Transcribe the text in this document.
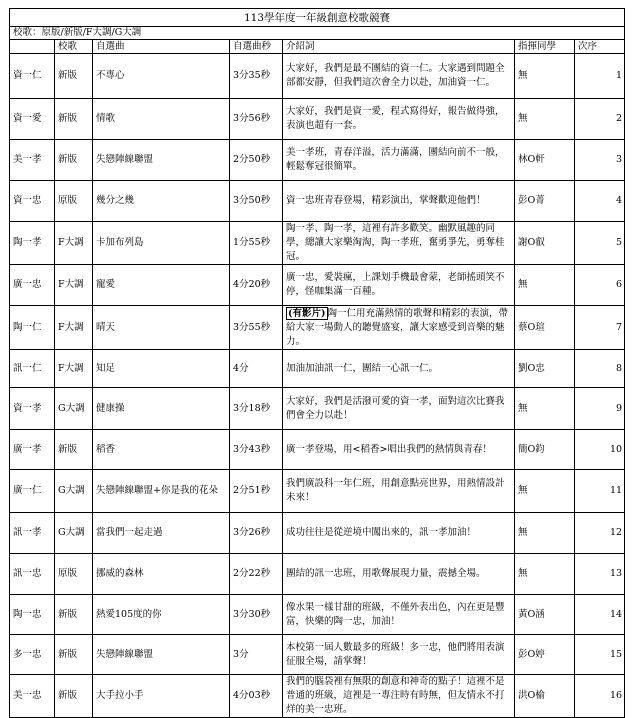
113學年度一年級創意校歌競賽						
校歌：原版/新版/F大調/G大調						
	校歌	自選曲	自選曲秒	介紹詞	指揮同學	次序
資一仁	新版	不專心	3分35秒	大家好，我們是最不團結的資一仁。大家遇到問題全部都安靜，但我們這次會全力以赴，加油資一仁。	無	1
資一愛	新版	情歌	3分56秒	大家好，我們是資一愛，程式寫得好，報告做得強，表演也超有一套。	無	2
美一孝	新版	失戀陣線聯盟	2分50秒	美一孝班，青春洋溢，活力滿滿，團結向前不一般，輕鬆奪冠很簡單。	林O軒	3
資一忠	原版	幾分之幾	3分50秒	資一忠班青春登場，精彩演出，掌聲歡迎他們！	彭O菁	4
陶一孝	F大調	卡加布列島	1分55秒	陶一孝、陶一孝，這裡有許多歡笑。幽默風趣的同學，總讓大家樂淘淘，陶一孝班，奮勇爭先，勇奪桂冠。	謝O叡	5
廣一忠	F大調	寵愛	4分20秒	廣一忠，愛裝瘋，上課划手機最會蒙，老師搖頭笑不停，怪咖集滿一百種。	無	6
陶一仁	F大調	晴天	3分55秒	(有影片) 陶一仁用充滿熱情的歌聲和精彩的表演，帶給大家一場動人的聽覺盛宴，讓大家感受到音樂的魅力。	蔡O瑄	7
訊一仁	F大調	知足	4分	加油加油訊一仁，團結一心訊一仁。	劉O忠	8
資一孝	G大調	健康操	3分18秒	大家好，我們是活潑可愛的資一孝，面對這次比賽我們會全力以赴！	無	9
廣一孝	新版	稻香	3分43秒	廣一孝登場，用<稻香>唱出我們的熱情與青春！	簡O鈞	10
廣一仁	G大調	失戀陣線聯盟+你是我的花朵	2分51秒	我們廣設科一年仁班，用創意點亮世界，用熱情設計未來！	無	11
訊一孝	G大調	當我們一起走過	3分26秒	成功往往是從逆境中闖出來的，訊一孝加油！	無	12
訊一忠	原版	挪威的森林	2分22秒	團結的訊一忠班，用歌聲展現力量，震撼全場。	無	13
陶一忠	新版	熱愛105度的你	3分30秒	像水果一樣甘甜的班級，不僅外表出色，內在更是豐富，快樂的陶一忠，加油！	黃O涵	14
多一忠	新版	失戀陣線聯盟	3分	本校第一屆人數最多的班級！多一忠，他們將用表演征服全場，請掌聲！	彭O婷	15
美一忠	新版	大手拉小手	4分03秒	我們的腦袋裡有無限的創意和神奇的點子！這裡不是普通的班級，這裡是一專注時有時無，但友情永不打烊的美一忠班。	洪O榆	16
